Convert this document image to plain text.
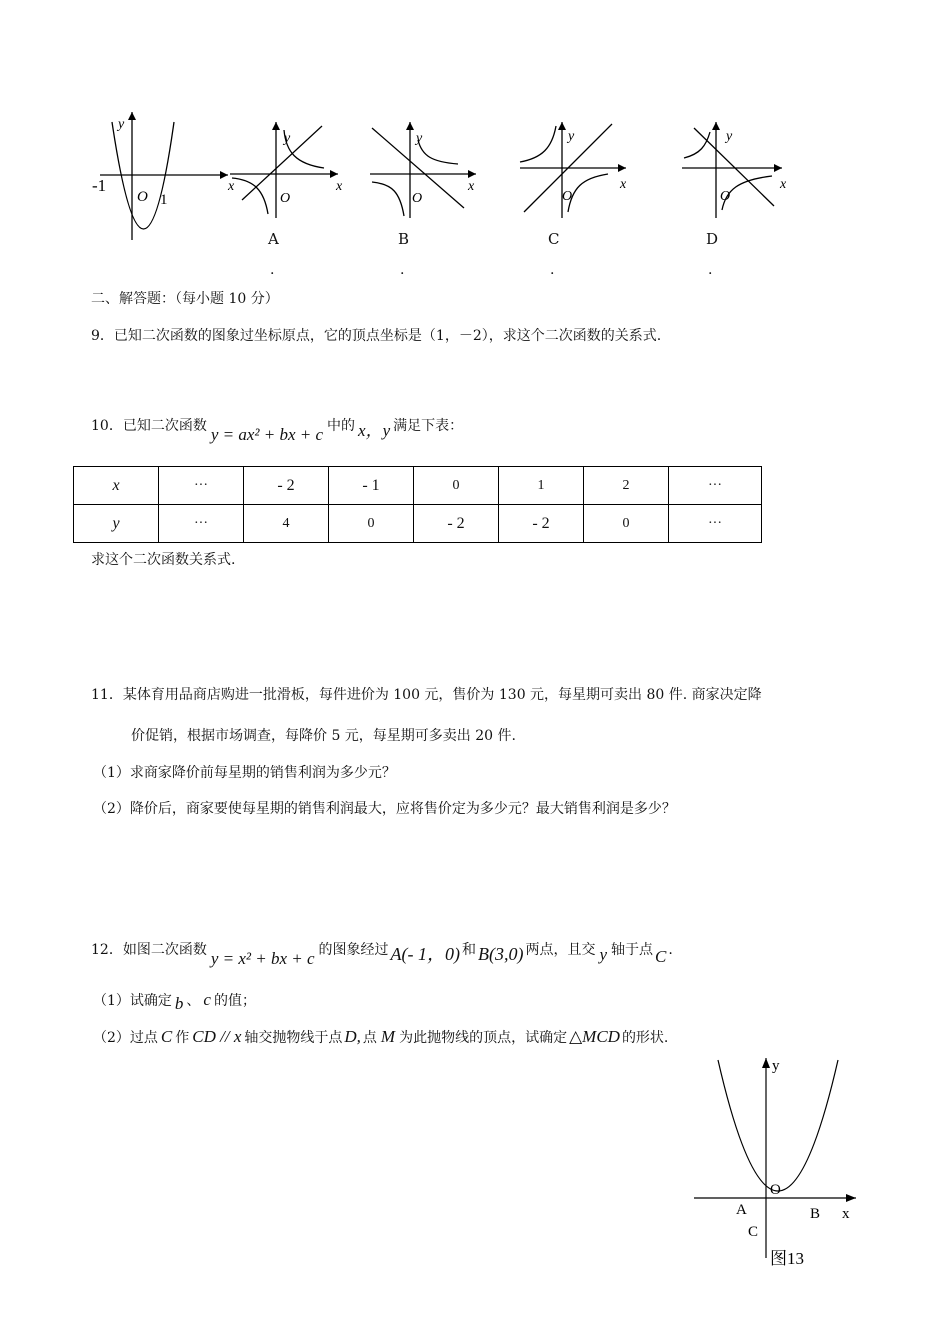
y
-1
O 1
y
x	x
O
y
x
O
y
x
O
y
x
O
A	B	C	D
.	.	.	.
二、解答题：（每小题 10 分）
9．已知二次函数的图象过坐标原点，它的顶点坐标是（1，－2），求这个二次函数的关系式.
10．已知二次函数 y = ax² + bx + c 中的 x，y 满足下表：
x	···	- 2	- 1	0	1	2	···
y	···	4	0	- 2	- 2	0	···
求这个二次函数关系式.
11．某体育用品商店购进一批滑板，每件进价为 100 元，售价为 130 元，每星期可卖出 80 件. 商家决定降
价促销，根据市场调查，每降价 5 元，每星期可多卖出 20 件.
（1）求商家降价前每星期的销售利润为多少元？
（2）降价后，商家要使每星期的销售利润最大，应将售价定为多少元？最大销售利润是多少？
12．如图二次函数 y = x² + bx + c 的图象经过 A(- 1，0) 和 B(3,0) 两点，且交 y 轴于点 C .
（1）试确定 b 、 c 的值；
（2）过点 C 作 CD // x 轴交抛物线于点 D, 点 M 为此抛物线的顶点，试确定 △MCD 的形状.
y
x
O
A	B
C
图13
